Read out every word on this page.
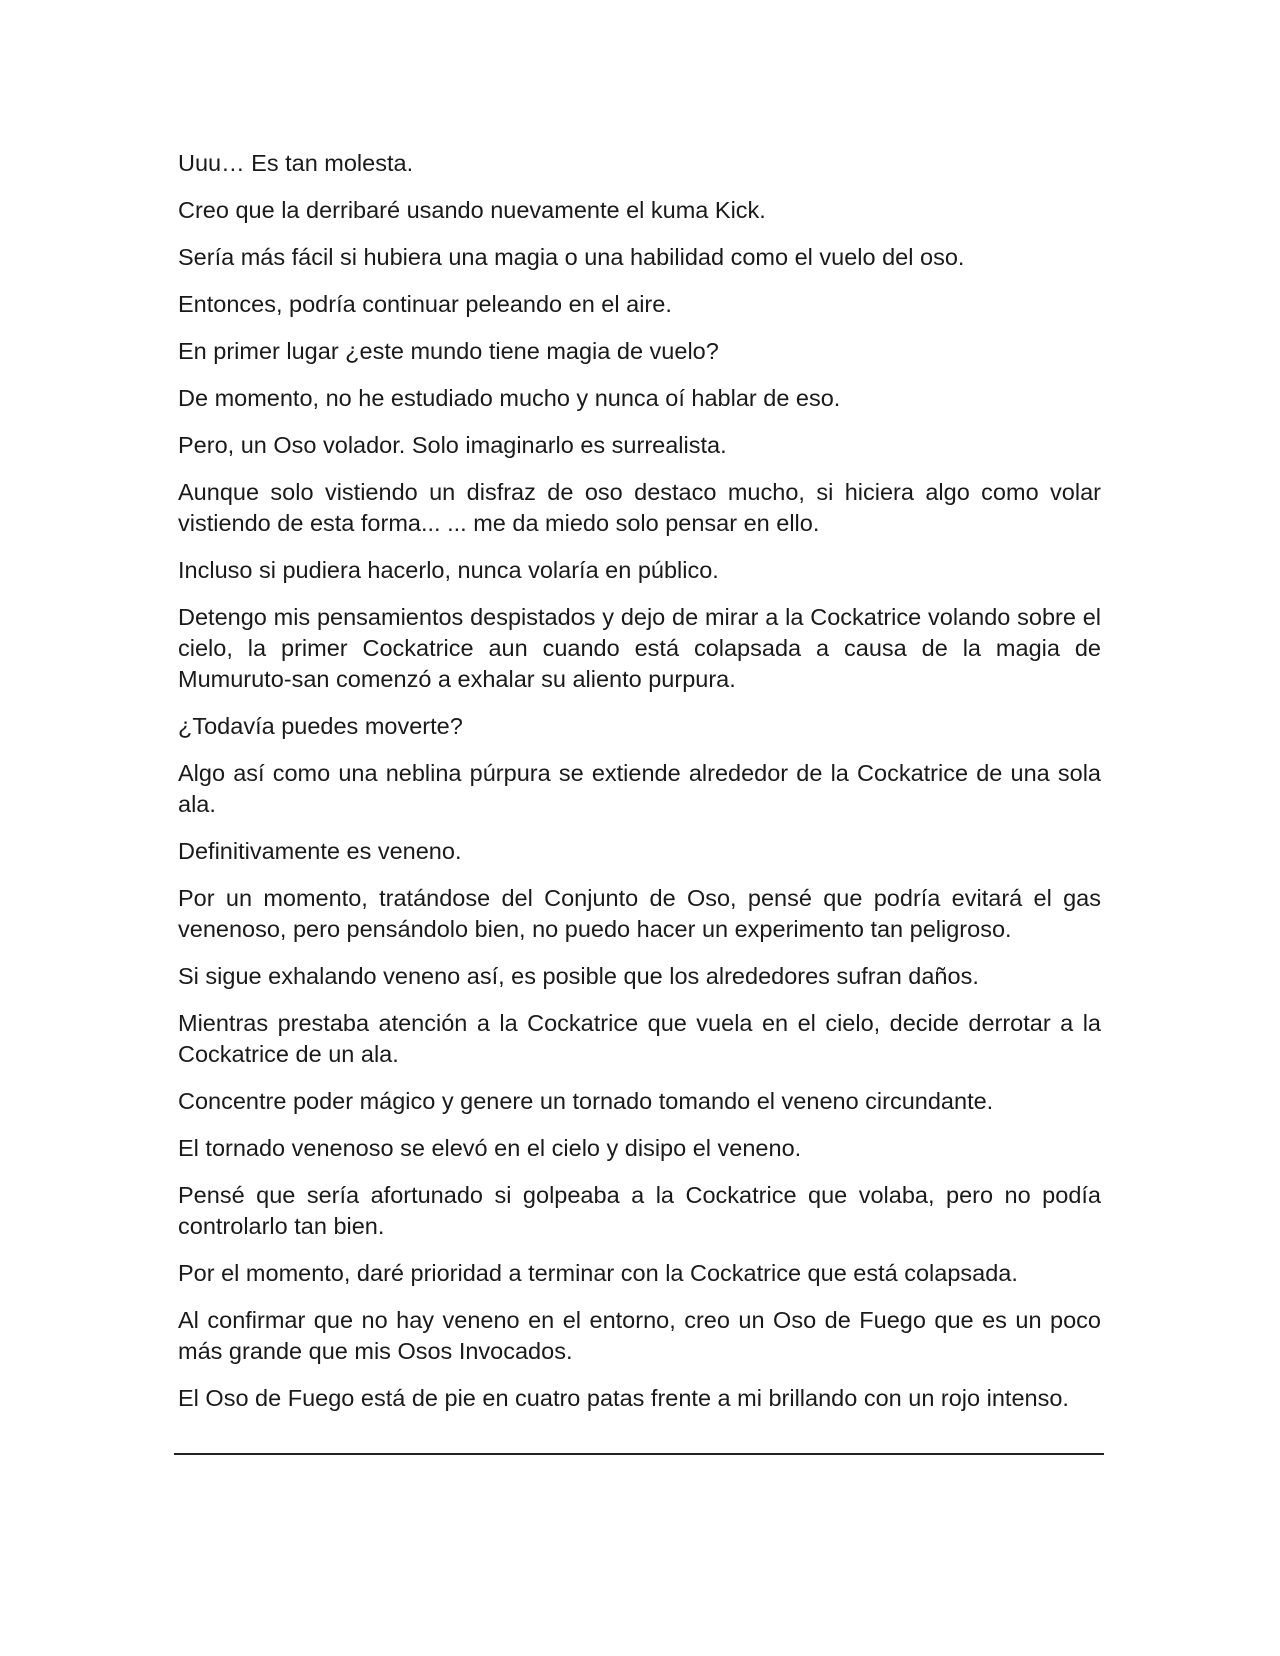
Uuu… Es tan molesta.

Creo que la derribaré usando nuevamente el kuma Kick.

Sería más fácil si hubiera una magia o una habilidad como el vuelo del oso.

Entonces, podría continuar peleando en el aire.

En primer lugar ¿este mundo tiene magia de vuelo?

De momento, no he estudiado mucho y nunca oí hablar de eso.

Pero, un Oso volador. Solo imaginarlo es surrealista.

Aunque solo vistiendo un disfraz de oso destaco mucho, si hiciera algo como volar vistiendo de esta forma... ... me da miedo solo pensar en ello.

Incluso si pudiera hacerlo, nunca volaría en público.

Detengo mis pensamientos despistados y dejo de mirar a la Cockatrice volando sobre el cielo, la primer Cockatrice aun cuando está colapsada a causa de la magia de Mumuruto-san comenzó a exhalar su aliento purpura.

¿Todavía puedes moverte?

Algo así como una neblina púrpura se extiende alrededor de la Cockatrice de una sola ala.

Definitivamente es veneno.

Por un momento, tratándose del Conjunto de Oso, pensé que podría evitará el gas venenoso, pero pensándolo bien, no puedo hacer un experimento tan peligroso.

Si sigue exhalando veneno así, es posible que los alrededores sufran daños.

Mientras prestaba atención a la Cockatrice que vuela en el cielo, decide derrotar a la Cockatrice de un ala.

Concentre poder mágico y genere un tornado tomando el veneno circundante.

El tornado venenoso se elevó en el cielo y disipo el veneno.

Pensé que sería afortunado si golpeaba a la Cockatrice que volaba, pero no podía controlarlo tan bien.

Por el momento, daré prioridad a terminar con la Cockatrice que está colapsada.

Al confirmar que no hay veneno en el entorno, creo un Oso de Fuego que es un poco más grande que mis Osos Invocados.

El Oso de Fuego está de pie en cuatro patas frente a mi brillando con un rojo intenso.
